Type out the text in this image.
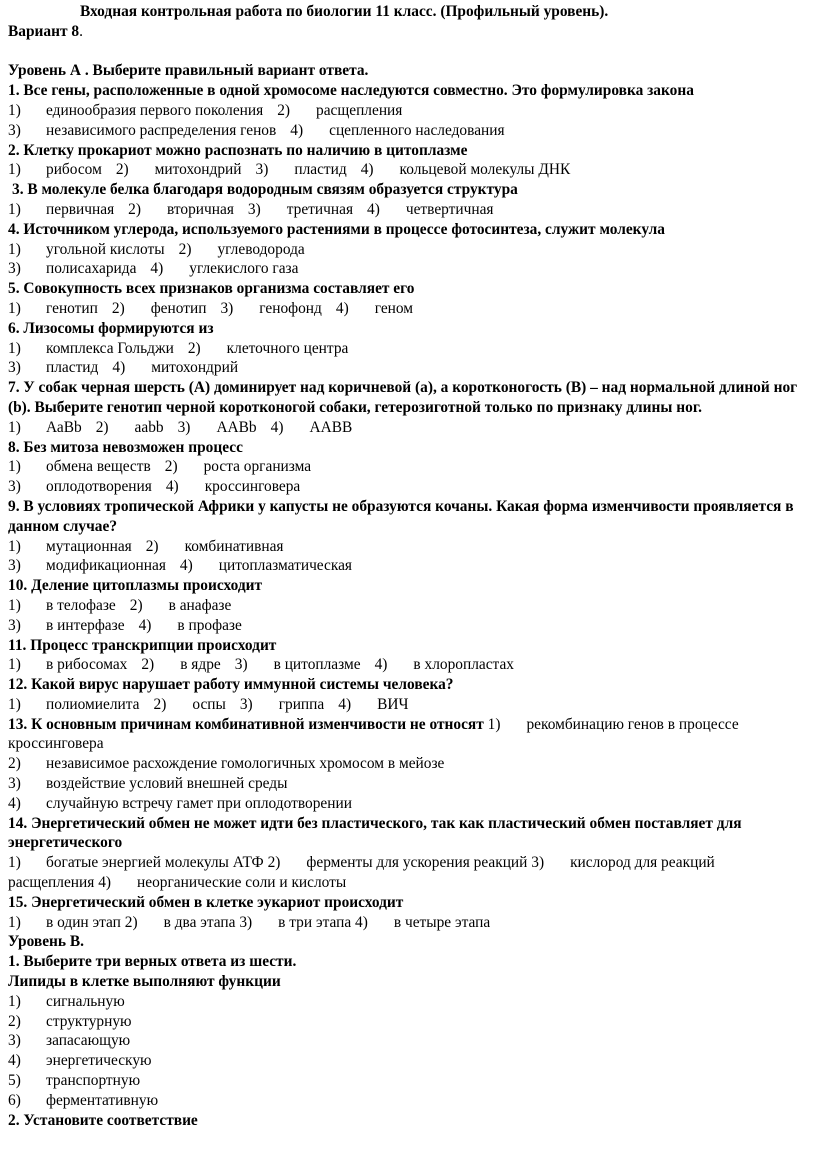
Входная контрольная работа по биологии 11 класс. (Профильный уровень).
Вариант 8.
Уровень А . Выберите правильный вариант ответа.
1. Все гены, расположенные в одной хромосоме наследуются совместно. Это формулировка закона
1) единообразия первого поколения 2) расщепления
3) независимого распределения генов 4) сцепленного наследования
2. Клетку прокариот можно распознать по наличию в цитоплазме
1) рибосом 2) митохондрий 3) пластид 4) кольцевой молекулы ДНК
3. В молекуле белка благодаря водородным связям образуется структура
1) первичная 2) вторичная 3) третичная 4) четвертичная
4. Источником углерода, используемого растениями в процессе фотосинтеза, служит молекула
1) угольной кислоты 2) углеводорода
3) полисахарида 4) углекислого газа
5. Совокупность всех признаков организма составляет его
1) генотип 2) фенотип 3) генофонд 4) геном
6. Лизосомы формируются из
1) комплекса Гольджи 2) клеточного центра
3) пластид 4) митохондрий
7. У собак черная шерсть (А) доминирует над коричневой (а), а коротконогость (В) – над нормальной длиной ног (b). Выберите генотип черной коротконогой собаки, гетерозиготной только по признаку длины ног.
1) АаВb 2) ааbb 3) ААВb 4) ААВВ
8. Без митоза невозможен процесс
1) обмена веществ 2) роста организма
3) оплодотворения 4) кроссинговера
9. В условиях тропической Африки у капусты не образуются кочаны. Какая форма изменчивости проявляется в данном случае?
1) мутационная 2) комбинативная
3) модификационная 4) цитоплазматическая
10. Деление цитоплазмы происходит
1) в телофазе 2) в анафазе
3) в интерфазе 4) в профазе
11. Процесс транскрипции происходит
1) в рибосомах 2) в ядре 3) в цитоплазме 4) в хлоропластах
12. Какой вирус нарушает работу иммунной системы человека?
1) полиомиелита 2) оспы 3) гриппа 4) ВИЧ
13. К основным причинам комбинативной изменчивости не относят 1) рекомбинацию генов в процессе кроссинговера
2) независимое расхождение гомологичных хромосом в мейозе
3) воздействие условий внешней среды
4) случайную встречу гамет при оплодотворении
14. Энергетический обмен не может идти без пластического, так как пластический обмен поставляет для энергетического
1) богатые энергией молекулы АТФ 2) ферменты для ускорения реакций 3) кислород для реакций расщепления 4) неорганические соли и кислоты
15. Энергетический обмен в клетке эукариот происходит
1) в один этап 2) в два этапа 3) в три этапа 4) в четыре этапа
Уровень В.
1. Выберите три верных ответа из шести.
Липиды в клетке выполняют функции
1) сигнальную
2) структурную
3) запасающую
4) энергетическую
5) транспортную
6) ферментативную
2. Установите соответствие
